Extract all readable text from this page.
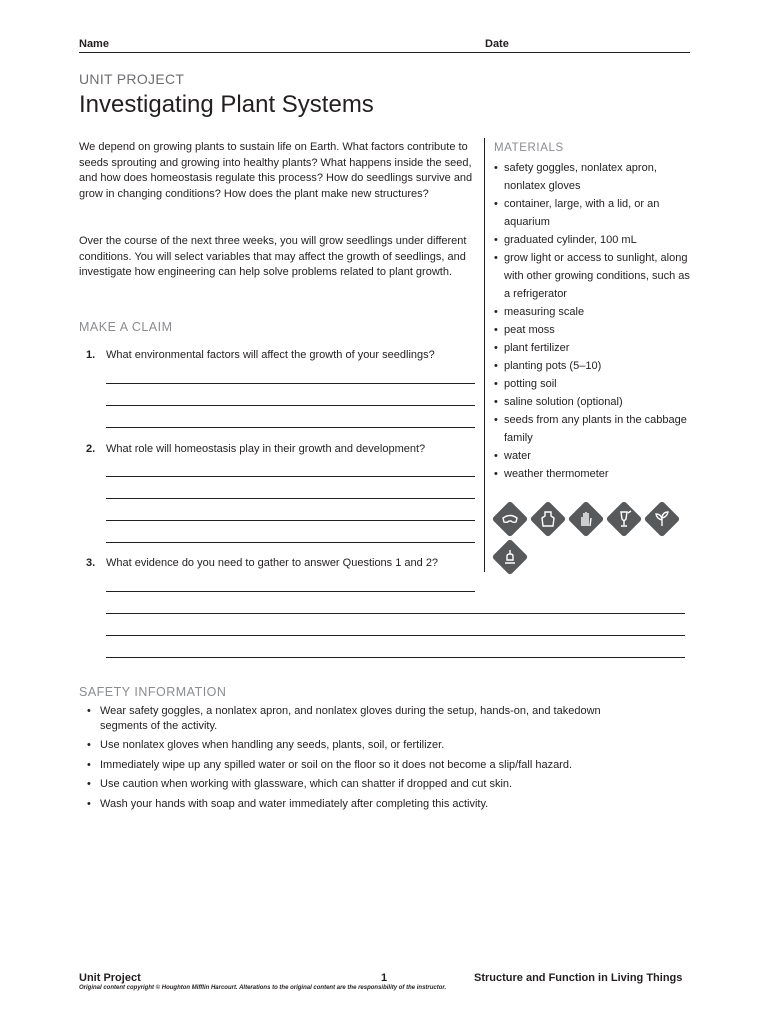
Name	Date
UNIT PROJECT
Investigating Plant Systems
We depend on growing plants to sustain life on Earth. What factors contribute to seeds sprouting and growing into healthy plants? What happens inside the seed, and how does homeostasis regulate this process? How do seedlings survive and grow in changing conditions? How does the plant make new structures?
Over the course of the next three weeks, you will grow seedlings under different conditions. You will select variables that may affect the growth of seedlings, and investigate how engineering can help solve problems related to plant growth.
MAKE A CLAIM
1. What environmental factors will affect the growth of your seedlings?
2. What role will homeostasis play in their growth and development?
3. What evidence do you need to gather to answer Questions 1 and 2?
MATERIALS
• safety goggles, nonlatex apron, nonlatex gloves
• container, large, with a lid, or an aquarium
• graduated cylinder, 100 mL
• grow light or access to sunlight, along with other growing conditions, such as a refrigerator
• measuring scale
• peat moss
• plant fertilizer
• planting pots (5–10)
• potting soil
• saline solution (optional)
• seeds from any plants in the cabbage family
• water
• weather thermometer
SAFETY INFORMATION
• Wear safety goggles, a nonlatex apron, and nonlatex gloves during the setup, hands-on, and takedown segments of the activity.
• Use nonlatex gloves when handling any seeds, plants, soil, or fertilizer.
• Immediately wipe up any spilled water or soil on the floor so it does not become a slip/fall hazard.
• Use caution when working with glassware, which can shatter if dropped and cut skin.
• Wash your hands with soap and water immediately after completing this activity.
Unit Project	1	Structure and Function in Living Things
Original content copyright © Houghton Mifflin Harcourt. Alterations to the original content are the responsibility of the instructor.
